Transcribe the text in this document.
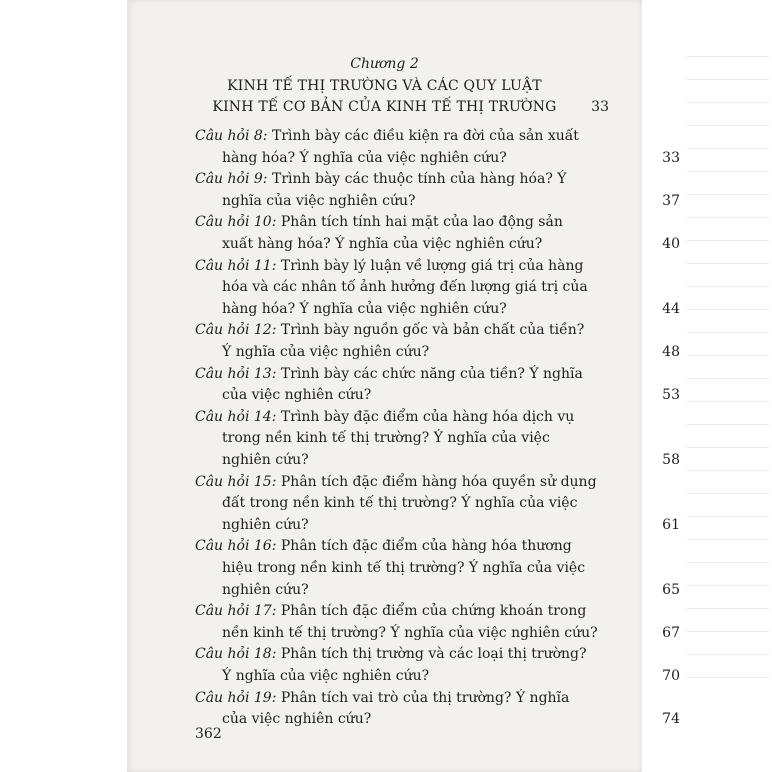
Chương 2
KINH TẾ THỊ TRƯỜNG VÀ CÁC QUY LUẬT
KINH TẾ CƠ BẢN CỦA KINH TẾ THỊ TRƯỜNG	33
Câu hỏi 8: Trình bày các điều kiện ra đời của sản xuất
hàng hóa? Ý nghĩa của việc nghiên cứu?	33
Câu hỏi 9: Trình bày các thuộc tính của hàng hóa? Ý
nghĩa của việc nghiên cứu?	37
Câu hỏi 10: Phân tích tính hai mặt của lao động sản
xuất hàng hóa? Ý nghĩa của việc nghiên cứu?	40
Câu hỏi 11: Trình bày lý luận về lượng giá trị của hàng
hóa và các nhân tố ảnh hưởng đến lượng giá trị của
hàng hóa? Ý nghĩa của việc nghiên cứu?	44
Câu hỏi 12: Trình bày nguồn gốc và bản chất của tiền?
Ý nghĩa của việc nghiên cứu?	48
Câu hỏi 13: Trình bày các chức năng của tiền? Ý nghĩa
của việc nghiên cứu?	53
Câu hỏi 14: Trình bày đặc điểm của hàng hóa dịch vụ
trong nền kinh tế thị trường? Ý nghĩa của việc
nghiên cứu?	58
Câu hỏi 15: Phân tích đặc điểm hàng hóa quyền sử dụng
đất trong nền kinh tế thị trường? Ý nghĩa của việc
nghiên cứu?	61
Câu hỏi 16: Phân tích đặc điểm của hàng hóa thương
hiệu trong nền kinh tế thị trường? Ý nghĩa của việc
nghiên cứu?	65
Câu hỏi 17: Phân tích đặc điểm của chứng khoán trong
nền kinh tế thị trường? Ý nghĩa của việc nghiên cứu?	67
Câu hỏi 18: Phân tích thị trường và các loại thị trường?
Ý nghĩa của việc nghiên cứu?	70
Câu hỏi 19: Phân tích vai trò của thị trường? Ý nghĩa
của việc nghiên cứu?	74
362
